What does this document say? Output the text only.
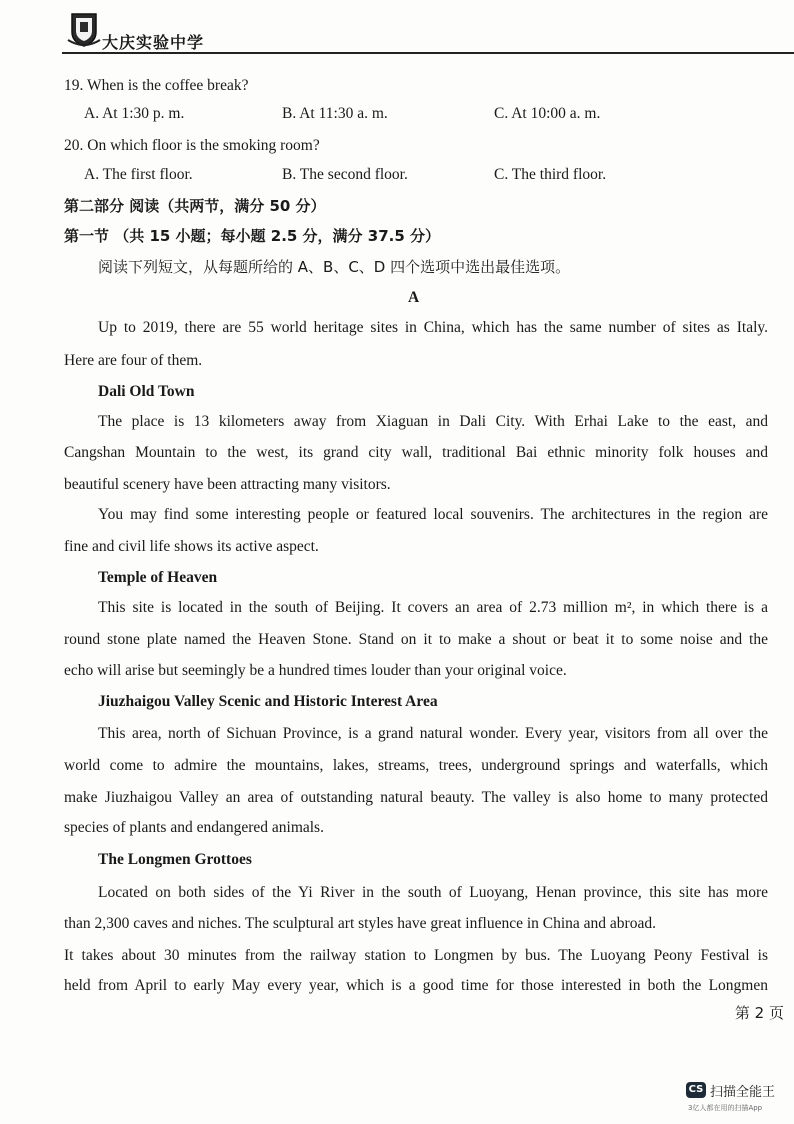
大庆实验中学
19. When is the coffee break?
A. At 1:30 p. m.	B. At 11:30 a. m.	C. At 10:00 a. m.
20. On which floor is the smoking room?
A. The first floor.	B. The second floor.	C. The third floor.
第二部分 阅读（共两节，满分 50 分）
第一节 （共 15 小题；每小题 2.5 分，满分 37.5 分）
阅读下列短文，从每题所给的 A、B、C、D 四个选项中选出最佳选项。
A
Up to 2019, there are 55 world heritage sites in China, which has the same number of sites as Italy.
Here are four of them.
Dali Old Town
The place is 13 kilometers away from Xiaguan in Dali City. With Erhai Lake to the east, and
Cangshan Mountain to the west, its grand city wall, traditional Bai ethnic minority folk houses and
beautiful scenery have been attracting many visitors.
You may find some interesting people or featured local souvenirs. The architectures in the region are
fine and civil life shows its active aspect.
Temple of Heaven
This site is located in the south of Beijing. It covers an area of 2.73 million m², in which there is a
round stone plate named the Heaven Stone. Stand on it to make a shout or beat it to some noise and the
echo will arise but seemingly be a hundred times louder than your original voice.
Jiuzhaigou Valley Scenic and Historic Interest Area
This area, north of Sichuan Province, is a grand natural wonder. Every year, visitors from all over the
world come to admire the mountains, lakes, streams, trees, underground springs and waterfalls, which
make Jiuzhaigou Valley an area of outstanding natural beauty. The valley is also home to many protected
species of plants and endangered animals.
The Longmen Grottoes
Located on both sides of the Yi River in the south of Luoyang, Henan province, this site has more
than 2,300 caves and niches. The sculptural art styles have great influence in China and abroad.
It takes about 30 minutes from the railway station to Longmen by bus. The Luoyang Peony Festival is
held from April to early May every year, which is a good time for those interested in both the Longmen
第 2 页
CS 扫描全能王
3亿人都在用的扫描App
